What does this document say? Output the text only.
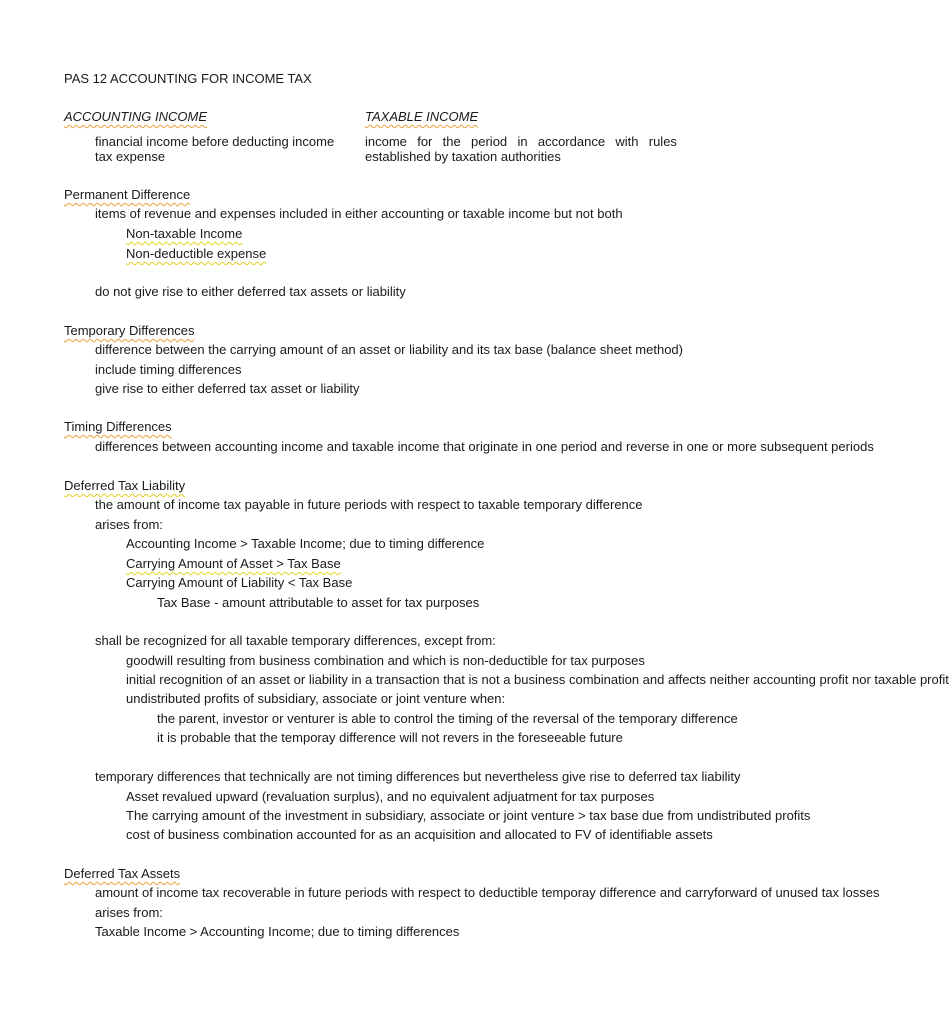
PAS 12 ACCOUNTING FOR INCOME TAX
ACCOUNTING INCOME	TAXABLE INCOME
financial income before deducting income
tax expense
income for the period in accordance with rules
established by taxation authorities
Permanent Difference
items of revenue and expenses included in either accounting or taxable income but not both
Non-taxable Income
Non-deductible expense
do not give rise to either deferred tax assets or liability
Temporary Differences
difference between the carrying amount of an asset or liability and its tax base (balance sheet method)
include timing differences
give rise to either deferred tax asset or liability
Timing Differences
differences between accounting income and taxable income that originate in one period and reverse in one or more subsequent periods
Deferred Tax Liability
the amount of income tax payable in future periods with respect to taxable temporary difference
arises from:
Accounting Income > Taxable Income; due to timing difference
Carrying Amount of Asset > Tax Base
Carrying Amount of Liability < Tax Base
Tax Base - amount attributable to asset for tax purposes
shall be recognized for all taxable temporary differences, except from:
goodwill resulting from business combination and which is non-deductible for tax purposes
initial recognition of an asset or liability in a transaction that is not a business combination and affects neither accounting profit nor taxable profit
undistributed profits of subsidiary, associate or joint venture when:
the parent, investor or venturer is able to control the timing of the reversal of the temporary difference
it is probable that the temporay difference will not revers in the foreseeable future
temporary differences that technically are not timing differences but nevertheless give rise to deferred tax liability
Asset revalued upward (revaluation surplus), and no equivalent adjuatment for tax purposes
The carrying amount of the investment in subsidiary, associate or joint venture > tax base due from undistributed profits
cost of business combination accounted for as an acquisition and allocated to FV of identifiable assets
Deferred Tax Assets
amount of income tax recoverable in future periods with respect to deductible temporay difference and carryforward of unused tax losses
arises from:
Taxable Income > Accounting Income; due to timing differences
